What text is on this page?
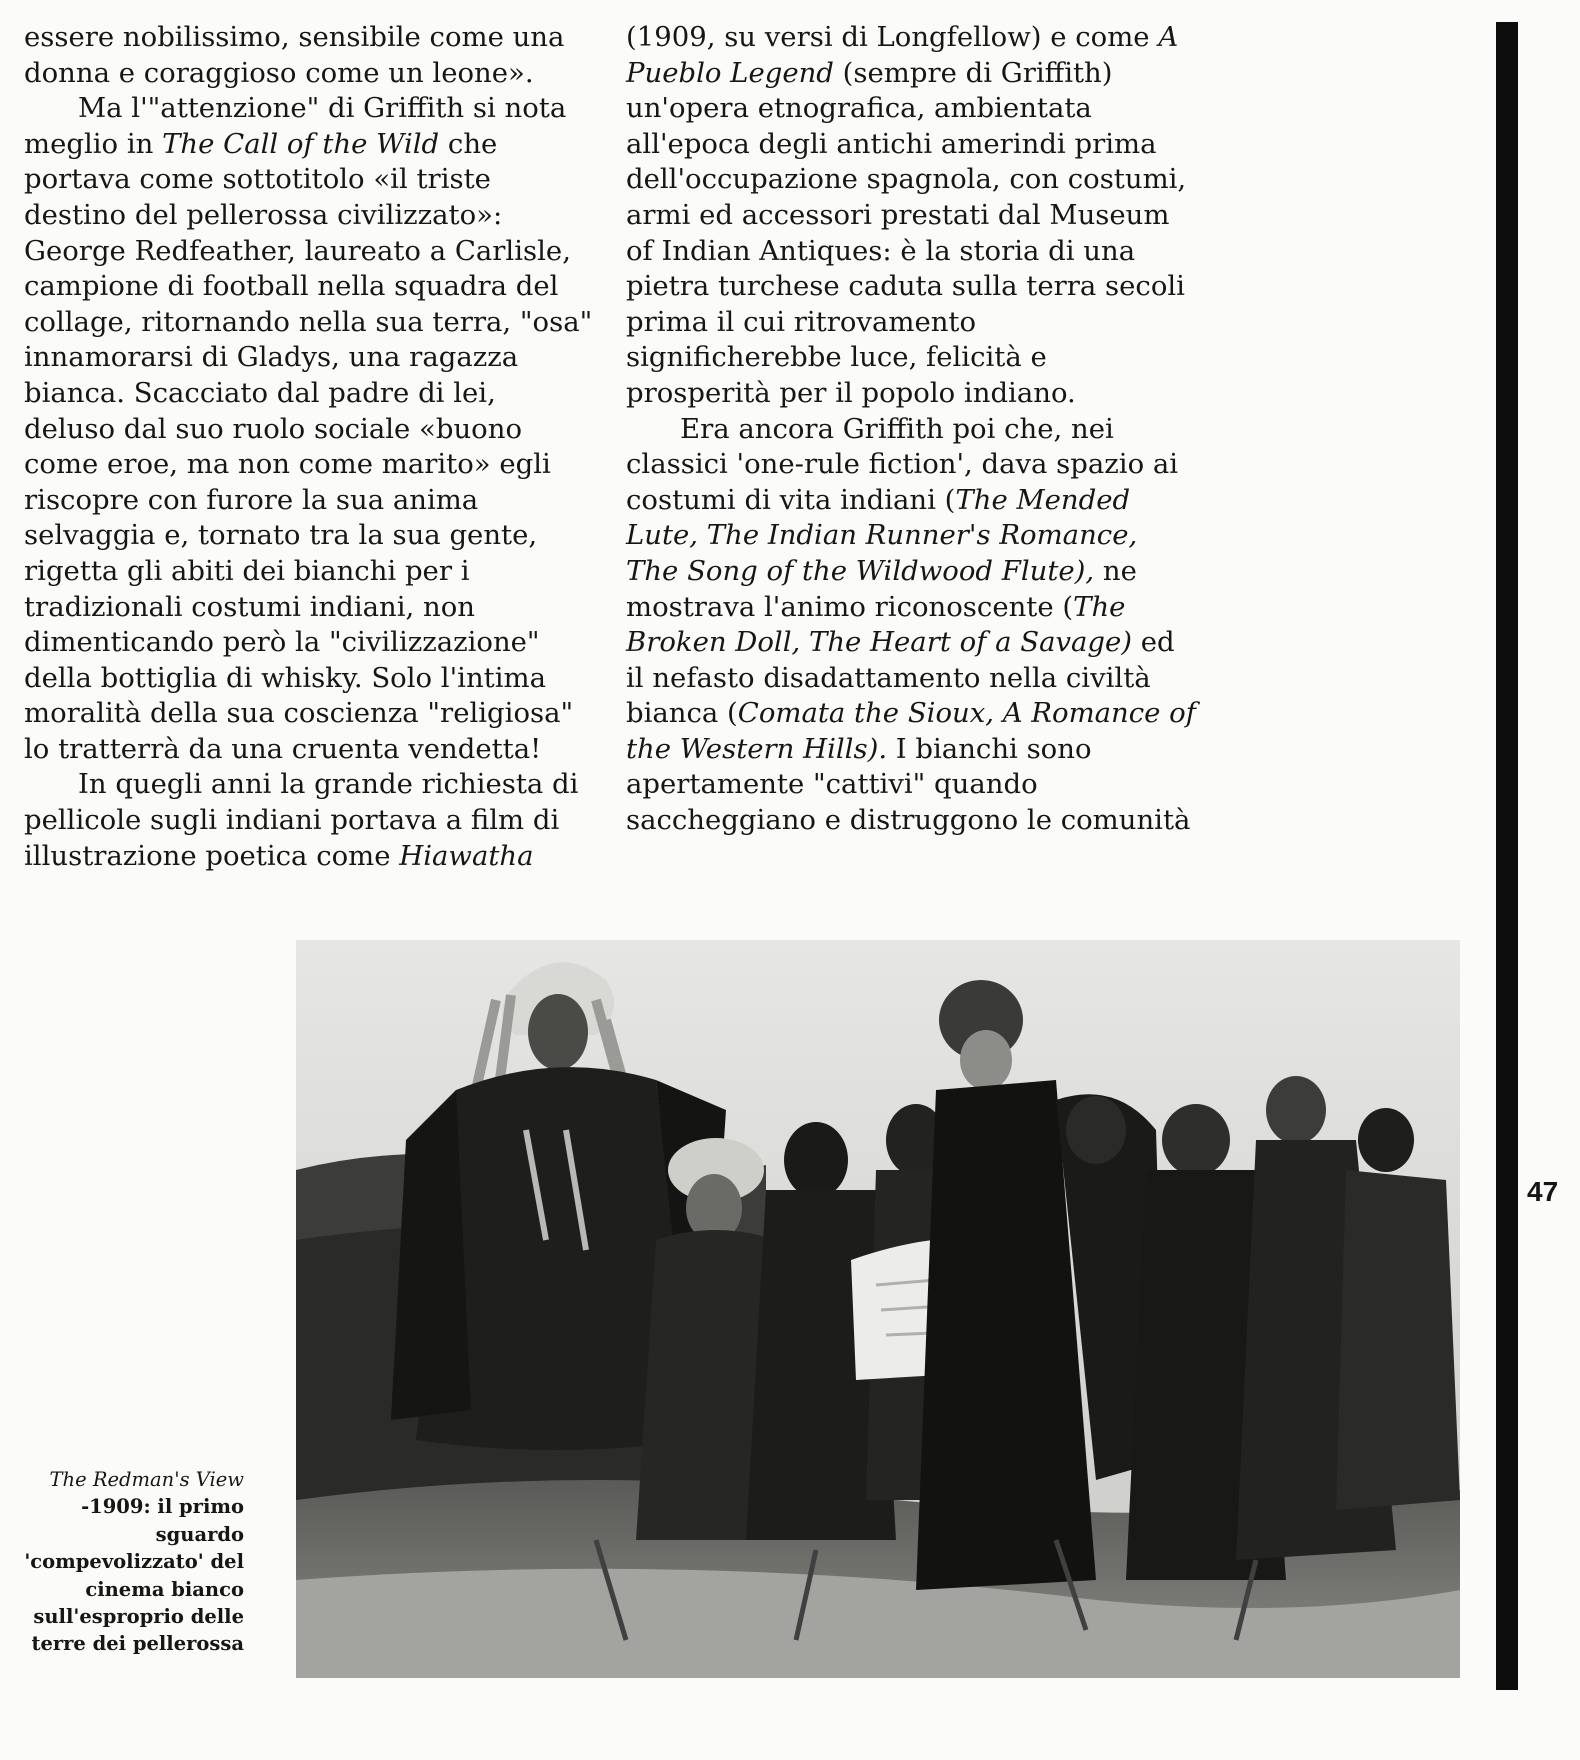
essere nobilissimo, sensibile come una donna e coraggioso come un leone».

Ma l'"attenzione" di Griffith si nota meglio in The Call of the Wild che portava come sottotitolo «il triste destino del pellerossa civilizzato»: George Redfeather, laureato a Carlisle, campione di football nella squadra del collage, ritornando nella sua terra, "osa" innamorarsi di Gladys, una ragazza bianca. Scacciato dal padre di lei, deluso dal suo ruolo sociale «buono come eroe, ma non come marito» egli riscopre con furore la sua anima selvaggia e, tornato tra la sua gente, rigetta gli abiti dei bianchi per i tradizionali costumi indiani, non dimenticando però la "civilizzazione" della bottiglia di whisky. Solo l'intima moralità della sua coscienza "religiosa" lo tratterrà da una cruenta vendetta!

In quegli anni la grande richiesta di pellicole sugli indiani portava a film di illustrazione poetica come Hiawatha

(1909, su versi di Longfellow) e come A Pueblo Legend (sempre di Griffith) un'opera etnografica, ambientata all'epoca degli antichi amerindi prima dell'occupazione spagnola, con costumi, armi ed accessori prestati dal Museum of Indian Antiques: è la storia di una pietra turchese caduta sulla terra secoli prima il cui ritrovamento significherebbe luce, felicità e prosperità per il popolo indiano.

Era ancora Griffith poi che, nei classici 'one-rule fiction', dava spazio ai costumi di vita indiani (The Mended Lute, The Indian Runner's Romance, The Song of the Wildwood Flute), ne mostrava l'animo riconoscente (The Broken Doll, The Heart of a Savage) ed il nefasto disadattamento nella civiltà bianca (Comata the Sioux, A Romance of the Western Hills). I bianchi sono apertamente "cattivi" quando saccheggiano e distruggono le comunità

47
The Redman's View
-1909: il primo sguardo 'compevolizzato' del cinema bianco sull'esproprio delle terre dei pellerossa
